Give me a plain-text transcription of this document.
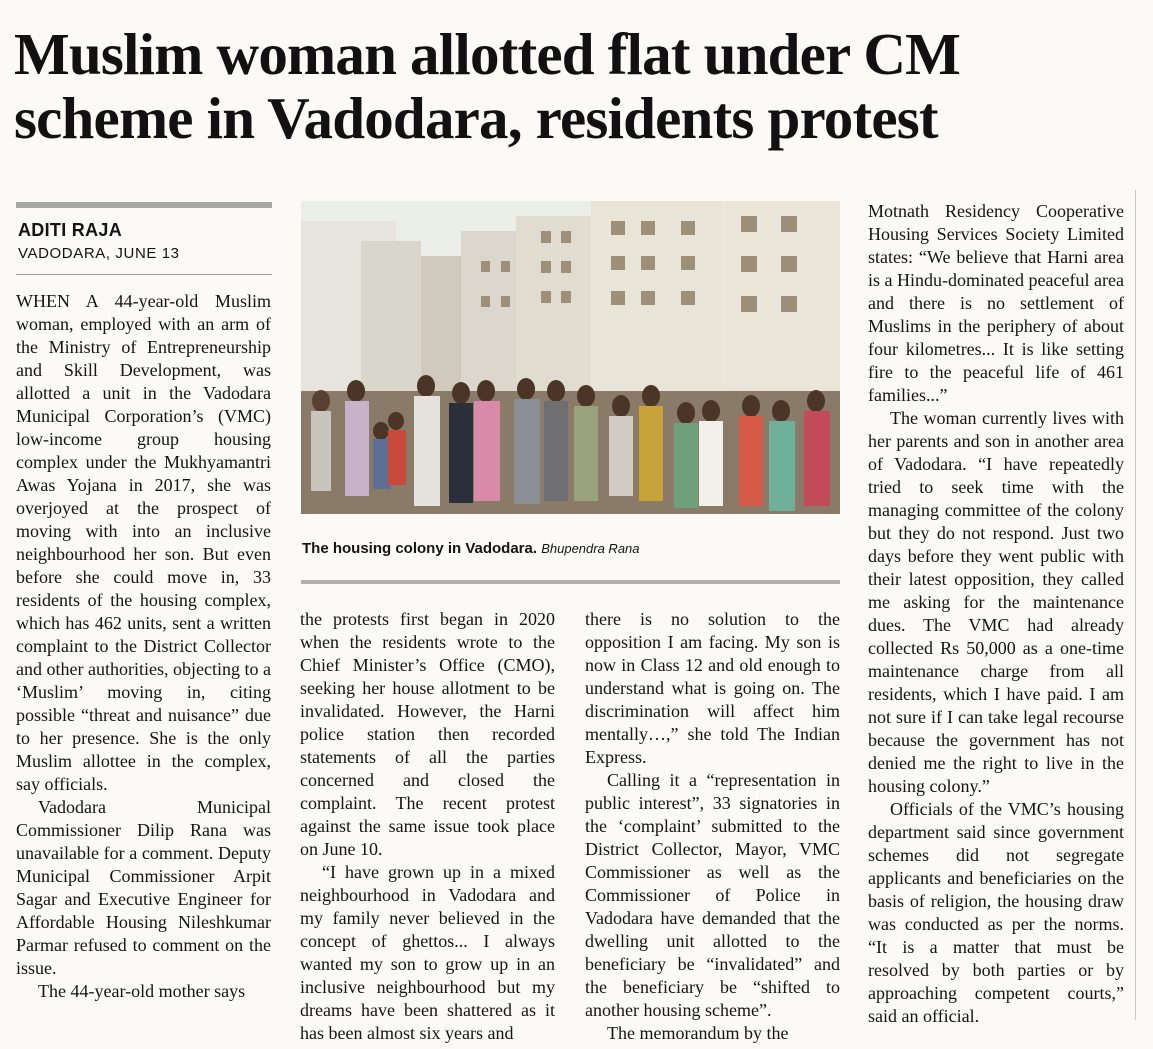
Muslim woman allotted flat under CM scheme in Vadodara, residents protest
ADITI RAJA
VADODARA, JUNE 13

WHEN A 44-year-old Muslim woman, employed with an arm of the Ministry of Entrepreneurship and Skill Development, was allotted a unit in the Vadodara Municipal Corporation’s (VMC) low-income group housing complex under the Mukhyamantri Awas Yojana in 2017, she was overjoyed at the prospect of moving with into an inclusive neighbourhood her son. But even before she could move in, 33 residents of the housing complex, which has 462 units, sent a written complaint to the District Collector and other authorities, objecting to a ‘Muslim’ moving in, citing possible “threat and nuisance” due to her presence. She is the only Muslim allottee in the complex, say officials.

Vadodara Municipal Commissioner Dilip Rana was unavailable for a comment. Deputy Municipal Commissioner Arpit Sagar and Executive Engineer for Affordable Housing Nileshkumar Parmar refused to comment on the issue.

The 44-year-old mother says

The housing colony in Vadodara. Bhupendra Rana

the protests first began in 2020 when the residents wrote to the Chief Minister’s Office (CMO), seeking her house allotment to be invalidated. However, the Harni police station then recorded statements of all the parties concerned and closed the complaint. The recent protest against the same issue took place on June 10.

“I have grown up in a mixed neighbourhood in Vadodara and my family never believed in the concept of ghettos... I always wanted my son to grow up in an inclusive neighbourhood but my dreams have been shattered as it has been almost six years and

there is no solution to the opposition I am facing. My son is now in Class 12 and old enough to understand what is going on. The discrimination will affect him mentally…,” she told The Indian Express.

Calling it a “representation in public interest”, 33 signatories in the ‘complaint’ submitted to the District Collector, Mayor, VMC Commissioner as well as the Commissioner of Police in Vadodara have demanded that the dwelling unit allotted to the beneficiary be “invalidated” and the beneficiary be “shifted to another housing scheme”.

The memorandum by the

Motnath Residency Cooperative Housing Services Society Limited states: “We believe that Harni area is a Hindu-dominated peaceful area and there is no settlement of Muslims in the periphery of about four kilometres... It is like setting fire to the peaceful life of 461 families...”

The woman currently lives with her parents and son in another area of Vadodara. “I have repeatedly tried to seek time with the managing committee of the colony but they do not respond. Just two days before they went public with their latest opposition, they called me asking for the maintenance dues. The VMC had already collected Rs 50,000 as a one-time maintenance charge from all residents, which I have paid. I am not sure if I can take legal recourse because the government has not denied me the right to live in the housing colony.”

Officials of the VMC’s housing department said since government schemes did not segregate applicants and beneficiaries on the basis of religion, the housing draw was conducted as per the norms. “It is a matter that must be resolved by both parties or by approaching competent courts,” said an official.
